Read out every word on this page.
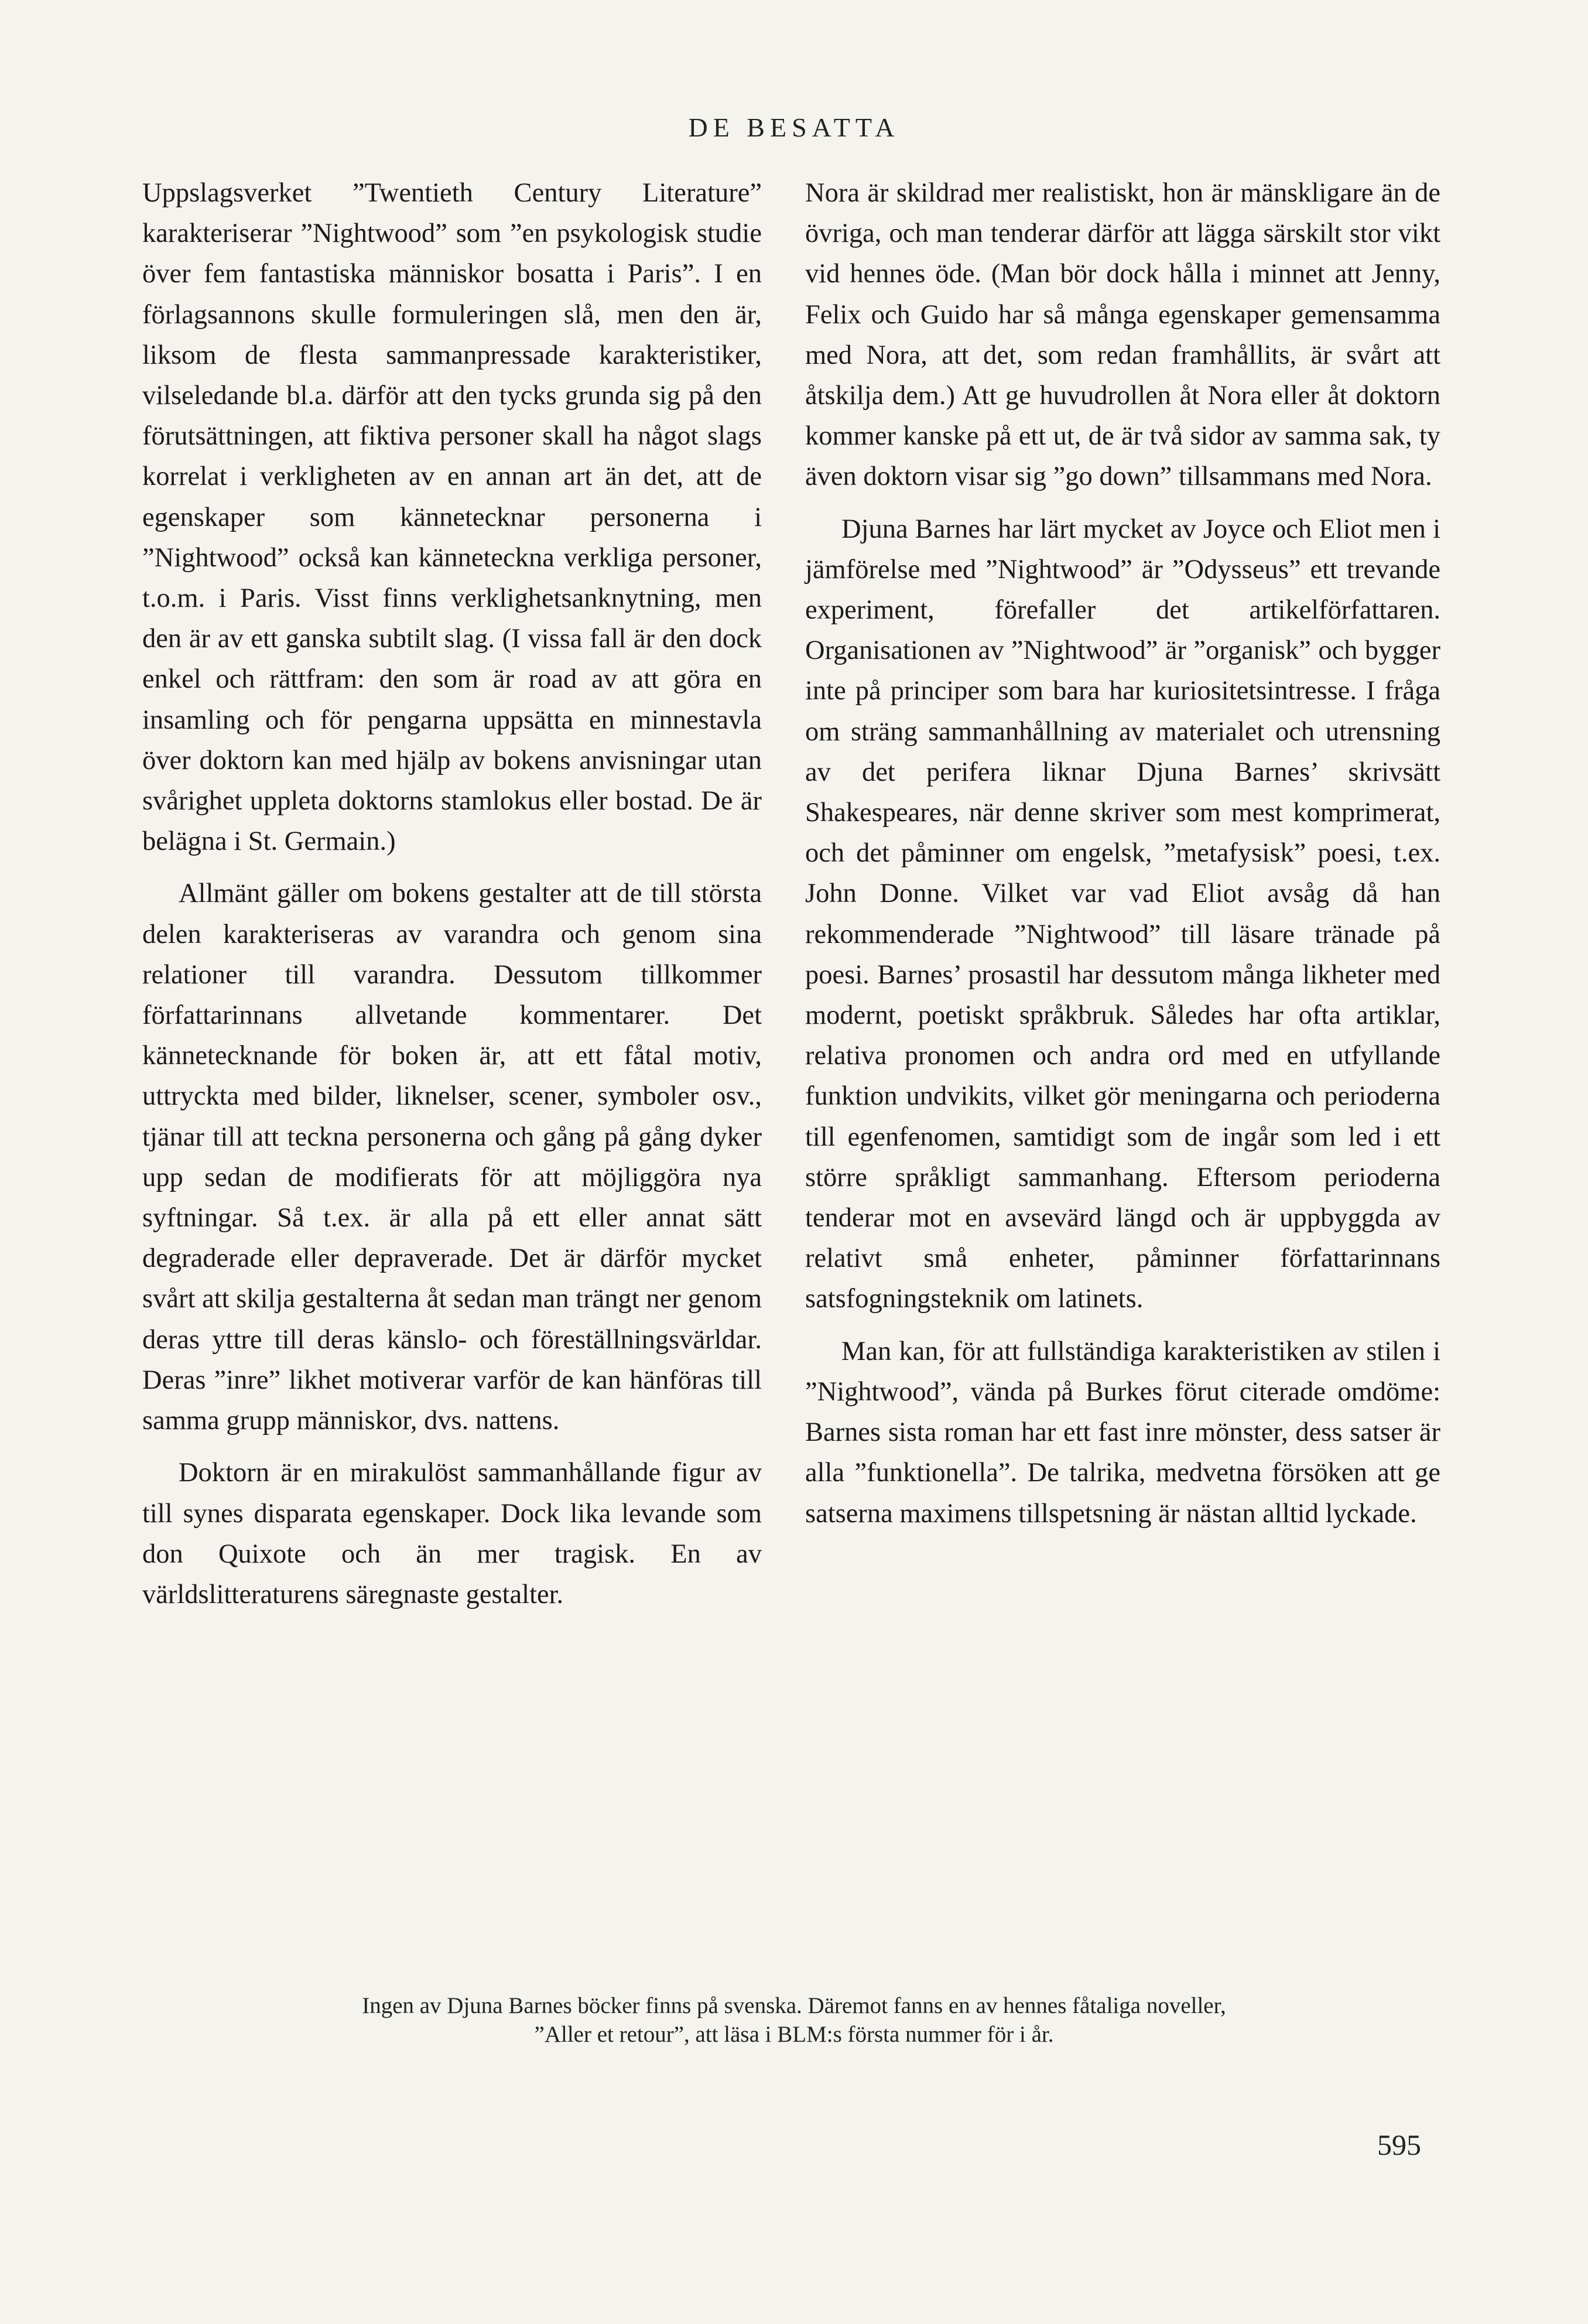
DE BESATTA

Uppslagsverket ”Twentieth Century Literature” karakteriserar ”Nightwood” som ”en psykologisk studie över fem fantastiska människor bosatta i Paris”. I en förlagsannons skulle formuleringen slå, men den är, liksom de flesta sammanpressade karakteristiker, vilseledande bl.a. därför att den tycks grunda sig på den förutsättningen, att fiktiva personer skall ha något slags korrelat i verkligheten av en annan art än det, att de egenskaper som kännetecknar personerna i ”Nightwood” också kan känneteckna verkliga personer, t.o.m. i Paris. Visst finns verklighetsanknytning, men den är av ett ganska subtilt slag. (I vissa fall är den dock enkel och rättfram: den som är road av att göra en insamling och för pengarna uppsätta en minnestavla över doktorn kan med hjälp av bokens anvisningar utan svårighet uppleta doktorns stamlokus eller bostad. De är belägna i St. Germain.)

Allmänt gäller om bokens gestalter att de till största delen karakteriseras av varandra och genom sina relationer till varandra. Dessutom tillkommer författarinnans allvetande kommentarer. Det kännetecknande för boken är, att ett fåtal motiv, uttryckta med bilder, liknelser, scener, symboler osv., tjänar till att teckna personerna och gång på gång dyker upp sedan de modifierats för att möjliggöra nya syftningar. Så t.ex. är alla på ett eller annat sätt degraderade eller depraverade. Det är därför mycket svårt att skilja gestalterna åt sedan man trängt ner genom deras yttre till deras känslo- och föreställningsvärldar. Deras ”inre” likhet motiverar varför de kan hänföras till samma grupp människor, dvs. nattens.

Doktorn är en mirakulöst sammanhållande figur av till synes disparata egenskaper. Dock lika levande som don Quixote och än mer tragisk. En av världslitteraturens säregnaste gestalter.

Nora är skildrad mer realistiskt, hon är mänskligare än de övriga, och man tenderar därför att lägga särskilt stor vikt vid hennes öde. (Man bör dock hålla i minnet att Jenny, Felix och Guido har så många egenskaper gemensamma med Nora, att det, som redan framhållits, är svårt att åtskilja dem.) Att ge huvudrollen åt Nora eller åt doktorn kommer kanske på ett ut, de är två sidor av samma sak, ty även doktorn visar sig ”go down” tillsammans med Nora.

Djuna Barnes har lärt mycket av Joyce och Eliot men i jämförelse med ”Nightwood” är ”Odysseus” ett trevande experiment, förefaller det artikelförfattaren. Organisationen av ”Nightwood” är ”organisk” och bygger inte på principer som bara har kuriositetsintresse. I fråga om sträng sammanhållning av materialet och utrensning av det perifera liknar Djuna Barnes’ skrivsätt Shakespeares, när denne skriver som mest komprimerat, och det påminner om engelsk, ”metafysisk” poesi, t.ex. John Donne. Vilket var vad Eliot avsåg då han rekommenderade ”Nightwood” till läsare tränade på poesi. Barnes’ prosastil har dessutom många likheter med modernt, poetiskt språkbruk. Således har ofta artiklar, relativa pronomen och andra ord med en utfyllande funktion undvikits, vilket gör meningarna och perioderna till egenfenomen, samtidigt som de ingår som led i ett större språkligt sammanhang. Eftersom perioderna tenderar mot en avsevärd längd och är uppbyggda av relativt små enheter, påminner författarinnans satsfogningsteknik om latinets.

Man kan, för att fullständiga karakteristiken av stilen i ”Nightwood”, vända på Burkes förut citerade omdöme: Barnes sista roman har ett fast inre mönster, dess satser är alla ”funktionella”. De talrika, medvetna försöken att ge satserna maximens tillspetsning är nästan alltid lyckade.

Ingen av Djuna Barnes böcker finns på svenska. Däremot fanns en av hennes fåtaliga noveller,
”Aller et retour”, att läsa i BLM:s första nummer för i år.
595
